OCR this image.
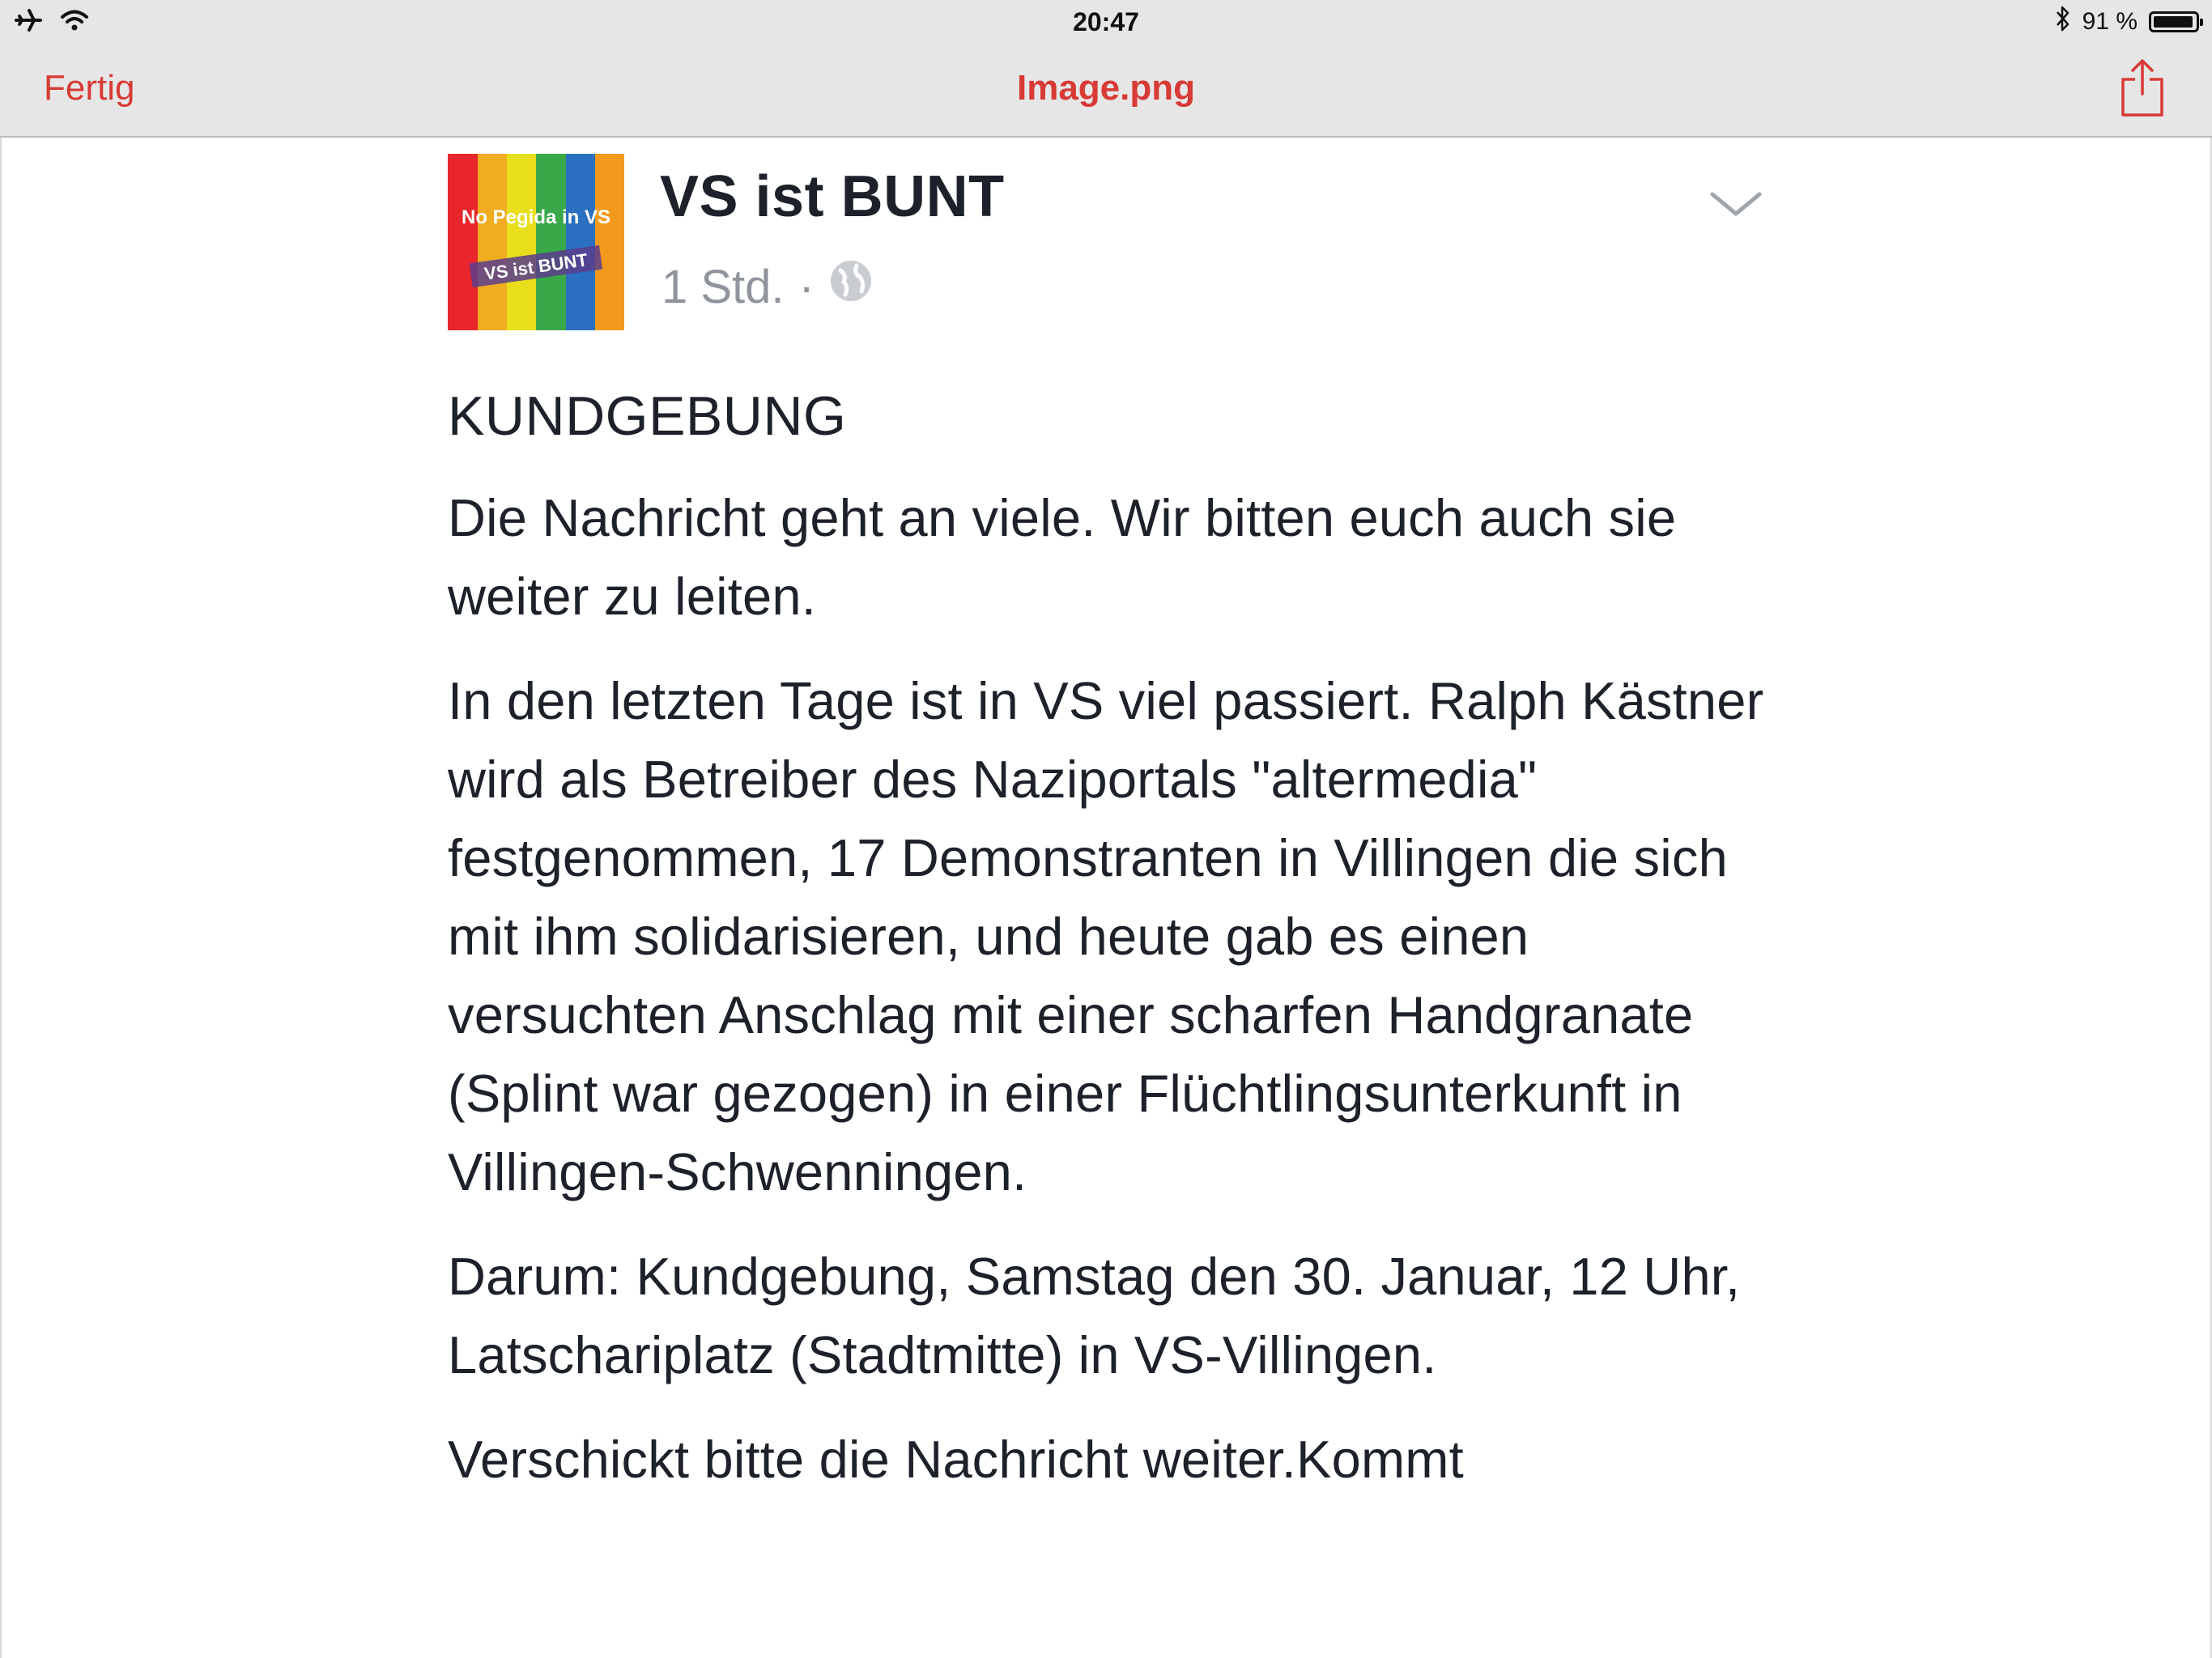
20:47	91 %
Fertig	Image.png
No Pegida in VS
VS ist BUNT
VS ist BUNT
1 Std. ·

KUNDGEBUNG

Die Nachricht geht an viele. Wir bitten euch auch sie weiter zu leiten.

In den letzten Tage ist in VS viel passiert. Ralph Kästner wird als Betreiber des Naziportals "altermedia" festgenommen, 17 Demonstranten in Villingen die sich mit ihm solidarisieren, und heute gab es einen versuchten Anschlag mit einer scharfen Handgranate (Splint war gezogen) in einer Flüchtlingsunterkunft in Villingen-Schwenningen.

Darum: Kundgebung, Samstag den 30. Januar, 12 Uhr, Latschariplatz (Stadtmitte) in VS-Villingen.

Verschickt bitte die Nachricht weiter.Kommt
